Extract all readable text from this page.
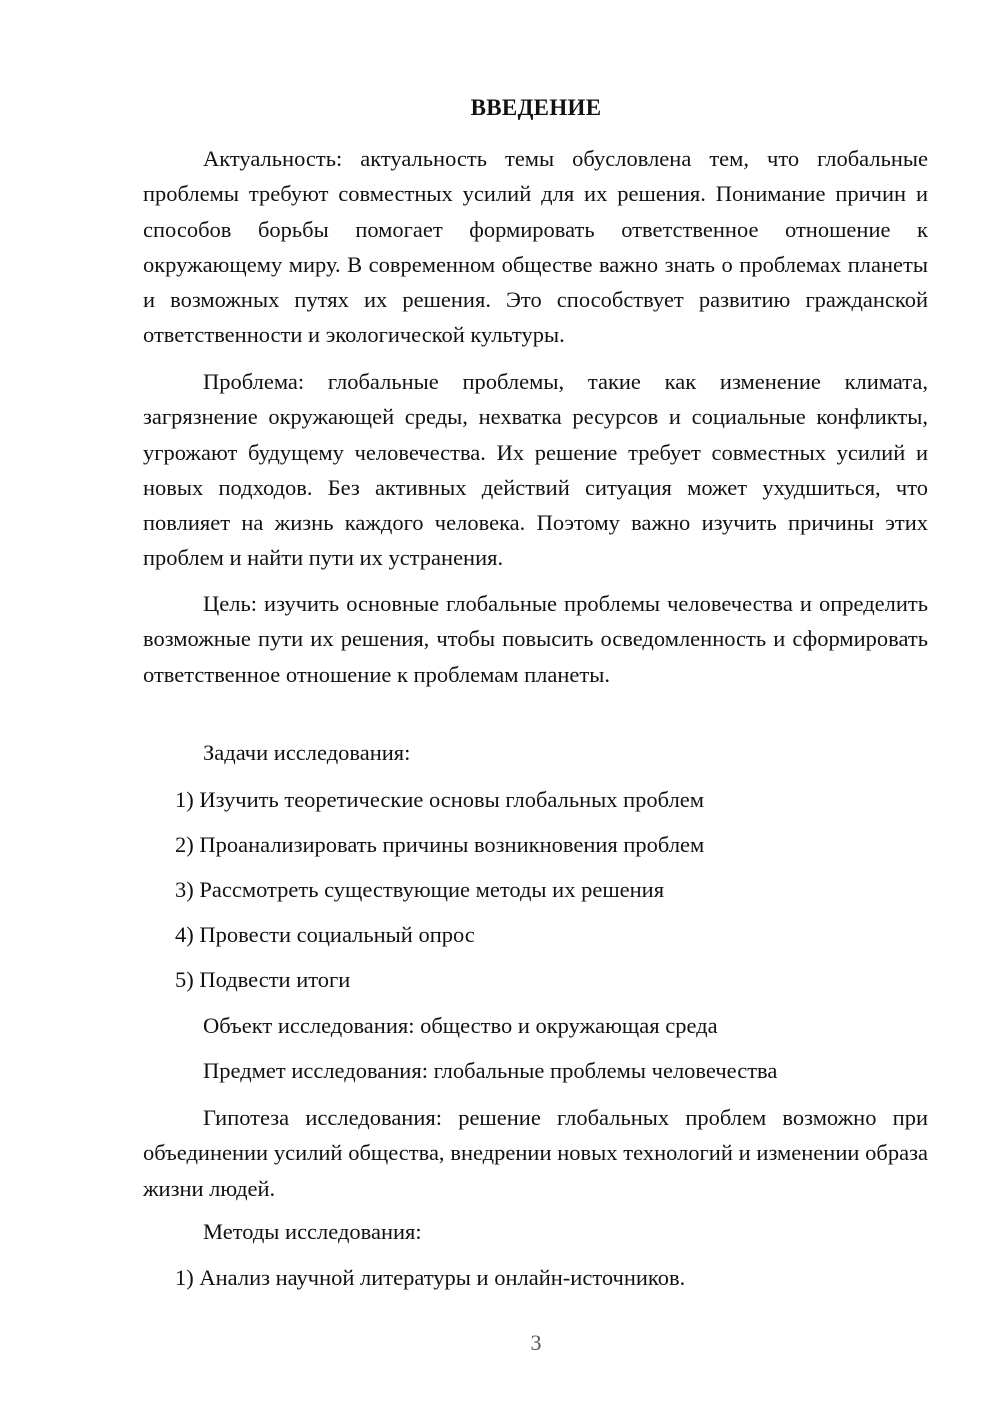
ВВЕДЕНИЕ
Актуальность: актуальность темы обусловлена тем, что глобальные проблемы требуют совместных усилий для их решения. Понимание причин и способов борьбы помогает формировать ответственное отношение к окружающему миру. В современном обществе важно знать о проблемах планеты и возможных путях их решения. Это способствует развитию гражданской ответственности и экологической культуры.
Проблема: глобальные проблемы, такие как изменение климата, загрязнение окружающей среды, нехватка ресурсов и социальные конфликты, угрожают будущему человечества. Их решение требует совместных усилий и новых подходов. Без активных действий ситуация может ухудшиться, что повлияет на жизнь каждого человека. Поэтому важно изучить причины этих проблем и найти пути их устранения.
Цель: изучить основные глобальные проблемы человечества и определить возможные пути их решения, чтобы повысить осведомленность и сформировать ответственное отношение к проблемам планеты.
Задачи исследования:
1) Изучить теоретические основы глобальных проблем
2) Проанализировать причины возникновения проблем
3) Рассмотреть существующие методы их решения
4) Провести социальный опрос
5) Подвести итоги
Объект исследования: общество и окружающая среда
Предмет исследования: глобальные проблемы человечества
Гипотеза исследования: решение глобальных проблем возможно при объединении усилий общества, внедрении новых технологий и изменении образа жизни людей.
Методы исследования:
1) Анализ научной литературы и онлайн-источников.
3
